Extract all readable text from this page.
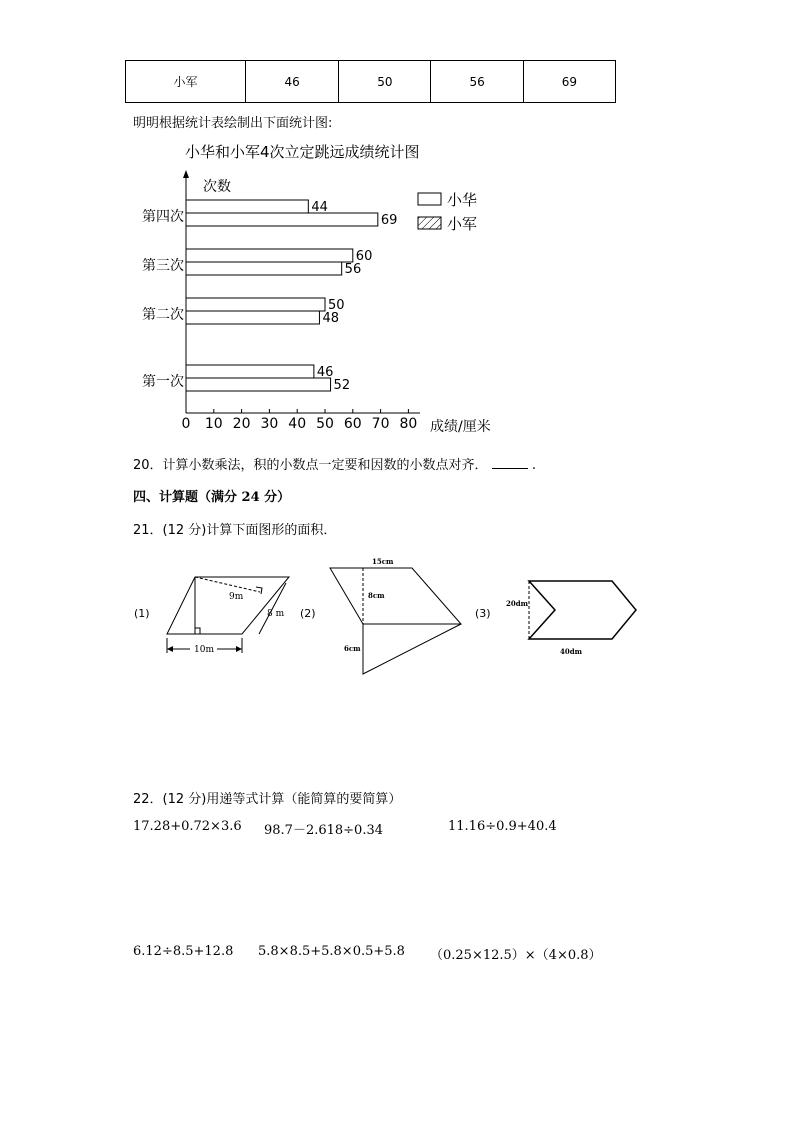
小军	46	50	56	69
明明根据统计表绘制出下面统计图:
小华和小军4次立定跳远成绩统计图
次数
成绩/厘米
0 10 20 30 40 50 60 70 80
第一次
46
52
第二次
50
48
第三次
60
56
第四次
44
69
小华
小军
20．计算小数乘法，积的小数点一定要和因数的小数点对齐．	.
四、计算题（满分 24 分）
21．(12 分)计算下面图形的面积．
(1)
9m
8 m
10m
(2)
15cm
8cm
6cm
(3)
20dm
40dm
22．(12 分)用递等式计算（能简算的要简算）
17.28+0.72×3.6 98.7－2.618÷0.34	11.16÷0.9+40.4
6.12÷8.5+12.8 5.8×8.5+5.8×0.5+5.8 （0.25×12.5）×（4×0.8）
